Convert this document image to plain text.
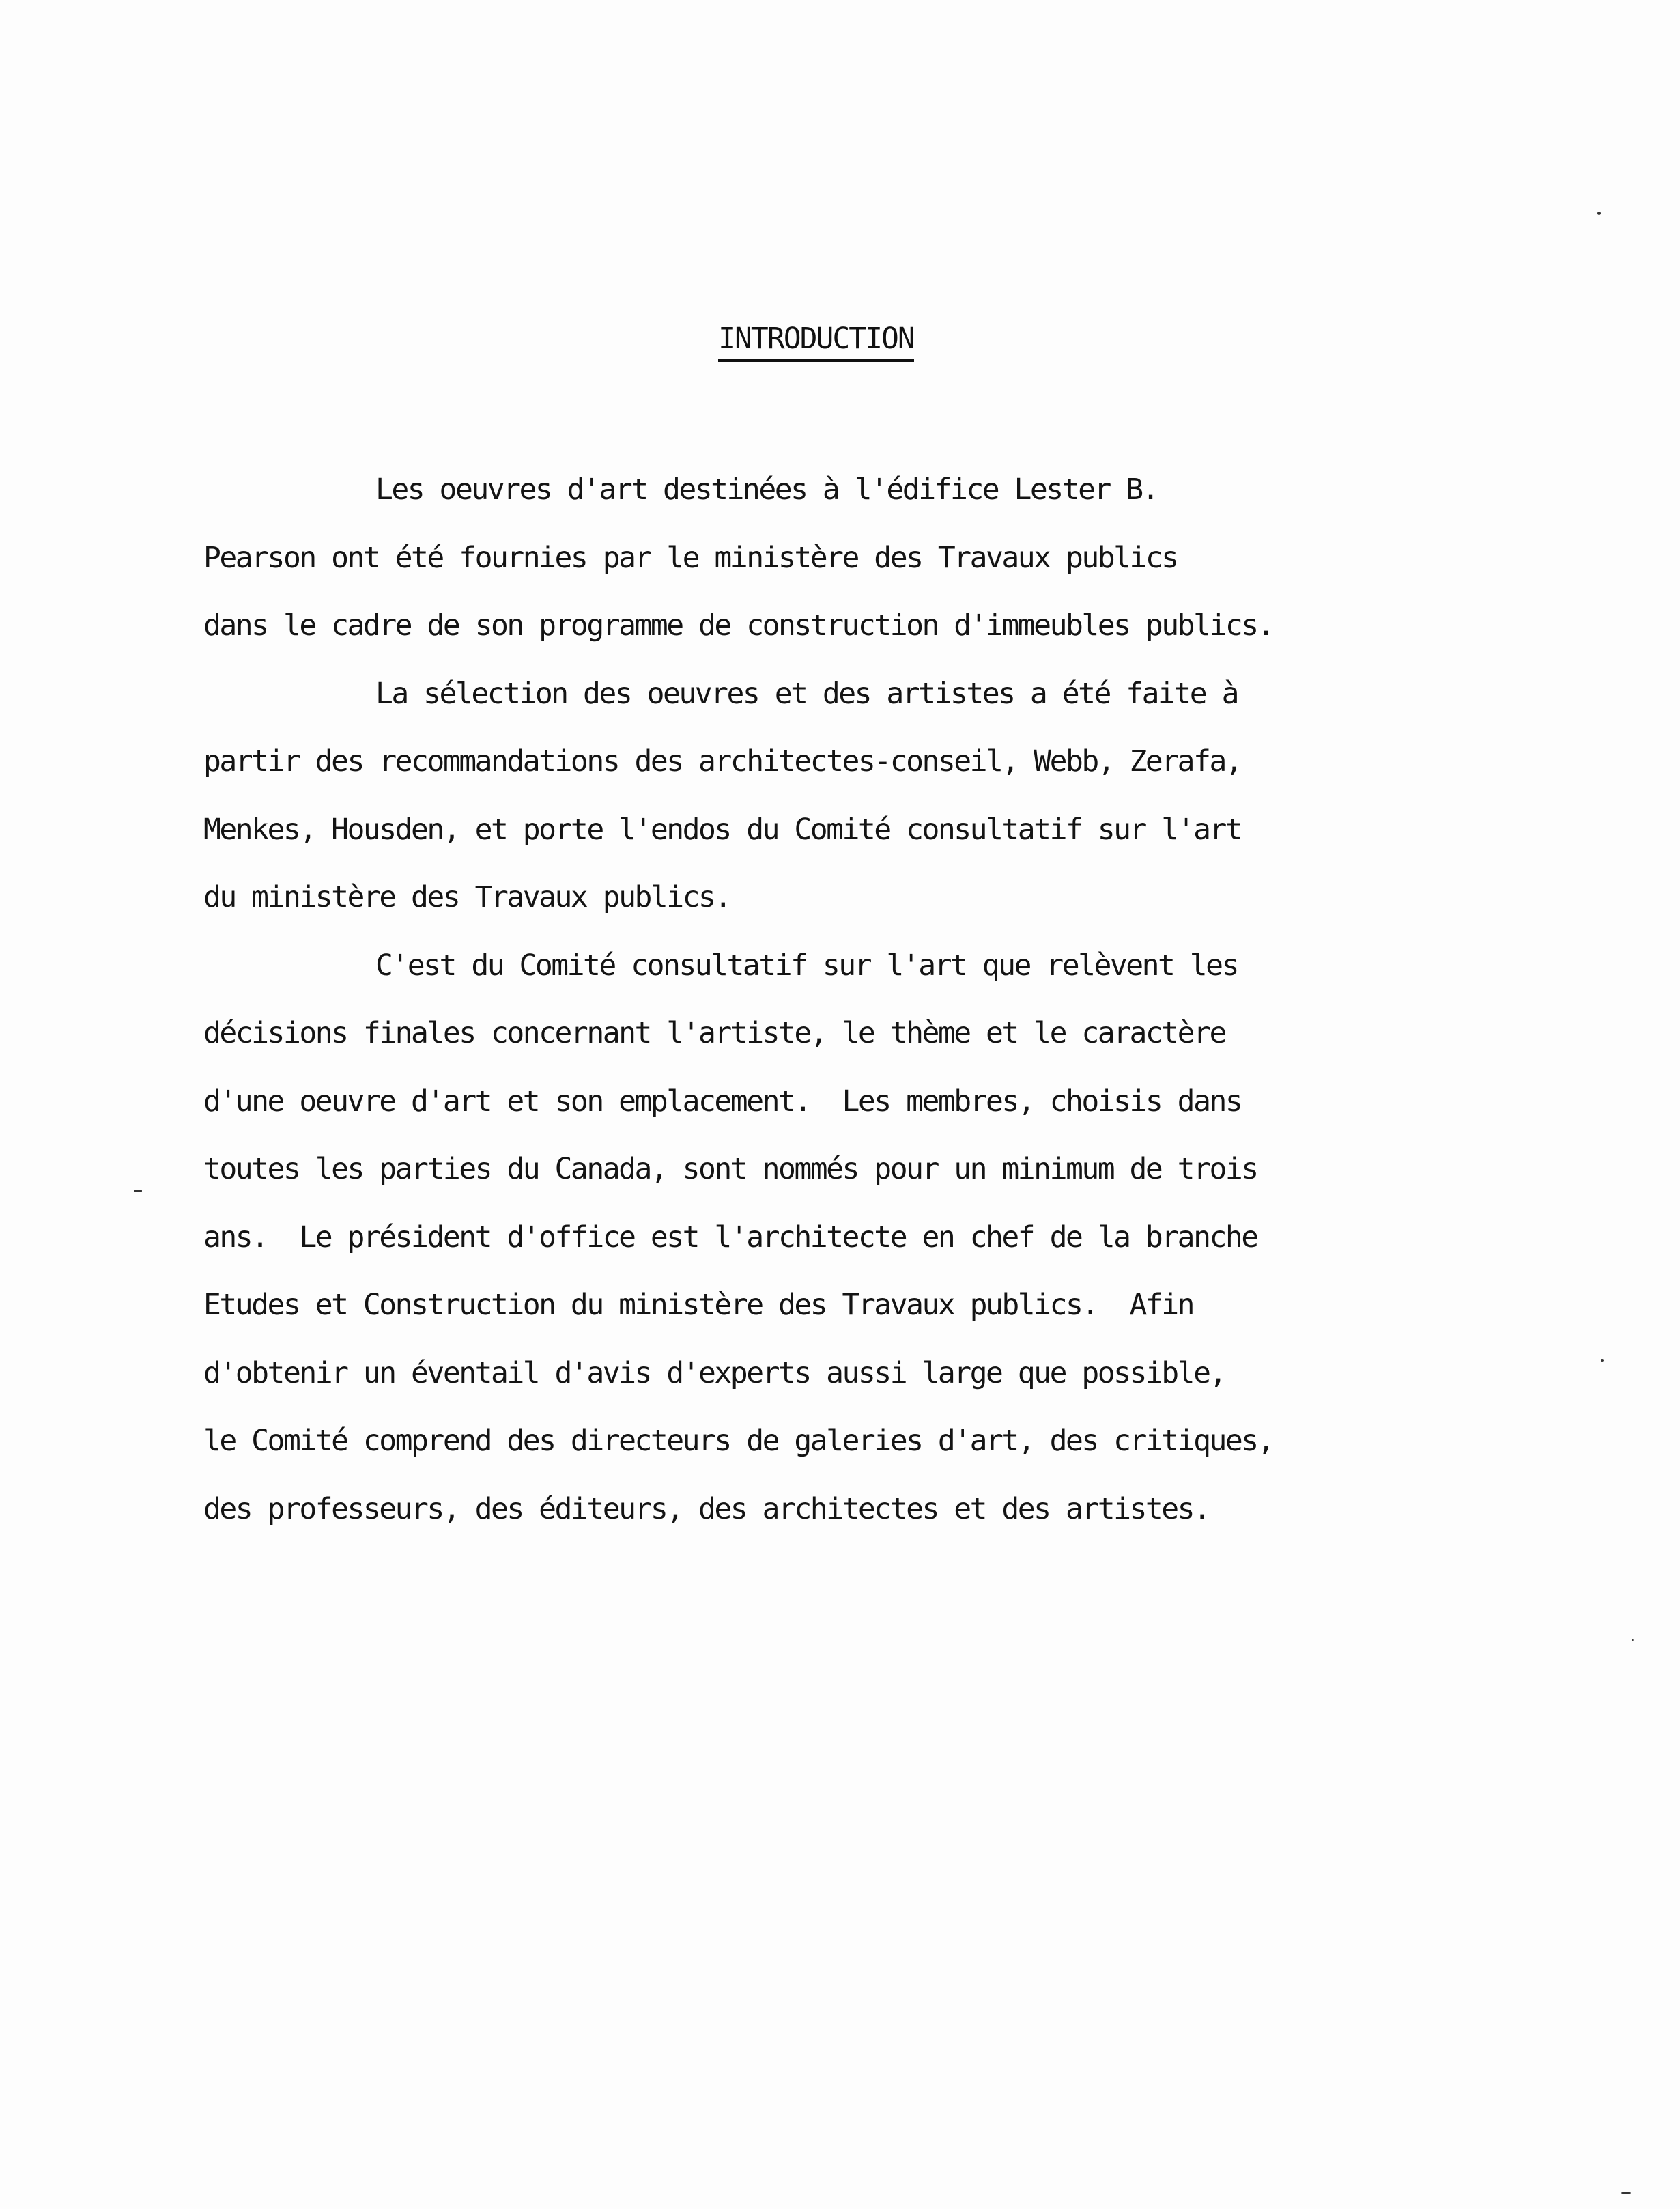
INTRODUCTION
Les oeuvres d'art destinées à l'édifice Lester B.
Pearson ont été fournies par le ministère des Travaux publics
dans le cadre de son programme de construction d'immeubles publics.
La sélection des oeuvres et des artistes a été faite à
partir des recommandations des architectes-conseil, Webb, Zerafa,
Menkes, Housden, et porte l'endos du Comité consultatif sur l'art
du ministère des Travaux publics.
C'est du Comité consultatif sur l'art que relèvent les
décisions finales concernant l'artiste, le thème et le caractère
d'une oeuvre d'art et son emplacement.  Les membres, choisis dans
toutes les parties du Canada, sont nommés pour un minimum de trois
ans.  Le président d'office est l'architecte en chef de la branche
Etudes et Construction du ministère des Travaux publics.  Afin
d'obtenir un éventail d'avis d'experts aussi large que possible,
le Comité comprend des directeurs de galeries d'art, des critiques,
des professeurs, des éditeurs, des architectes et des artistes.
